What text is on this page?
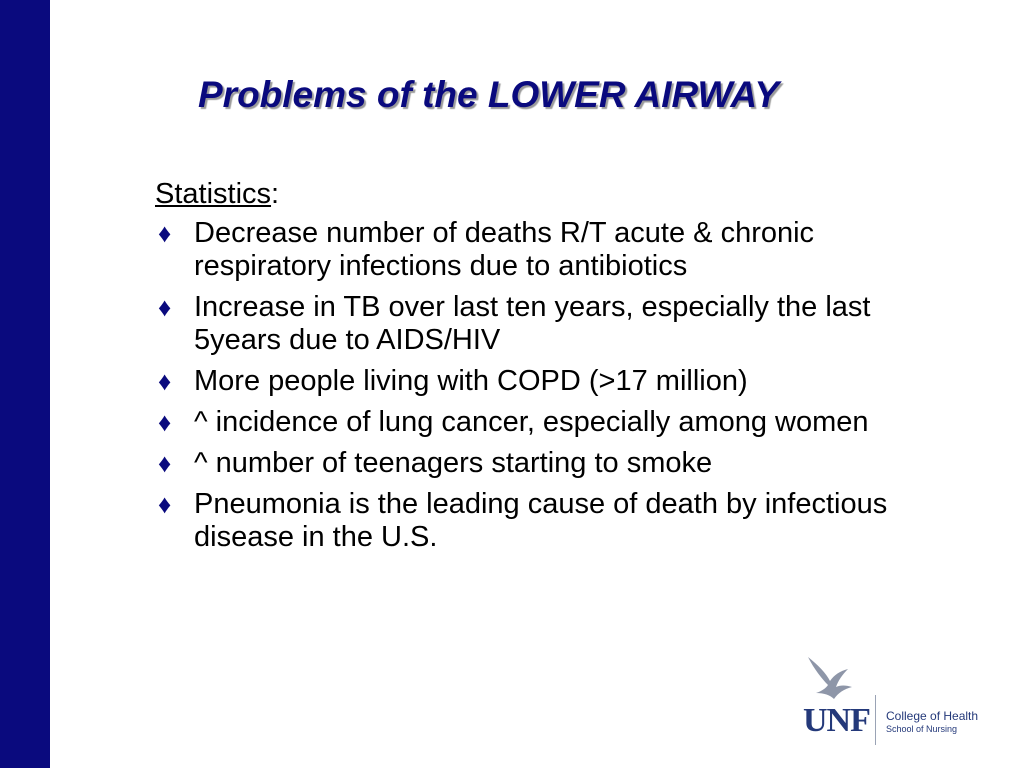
Problems of the LOWER AIRWAY

Statistics:

♦ Decrease number of deaths R/T acute & chronic respiratory infections due to antibiotics
♦ Increase in TB over last ten years, especially the last 5years due to AIDS/HIV
♦ More people living with COPD (>17 million)
♦ ^ incidence of lung cancer, especially among women
♦ ^ number of teenagers starting to smoke
♦ Pneumonia is the leading cause of death by infectious disease in the U.S.
UNF College of Health
School of Nursing
